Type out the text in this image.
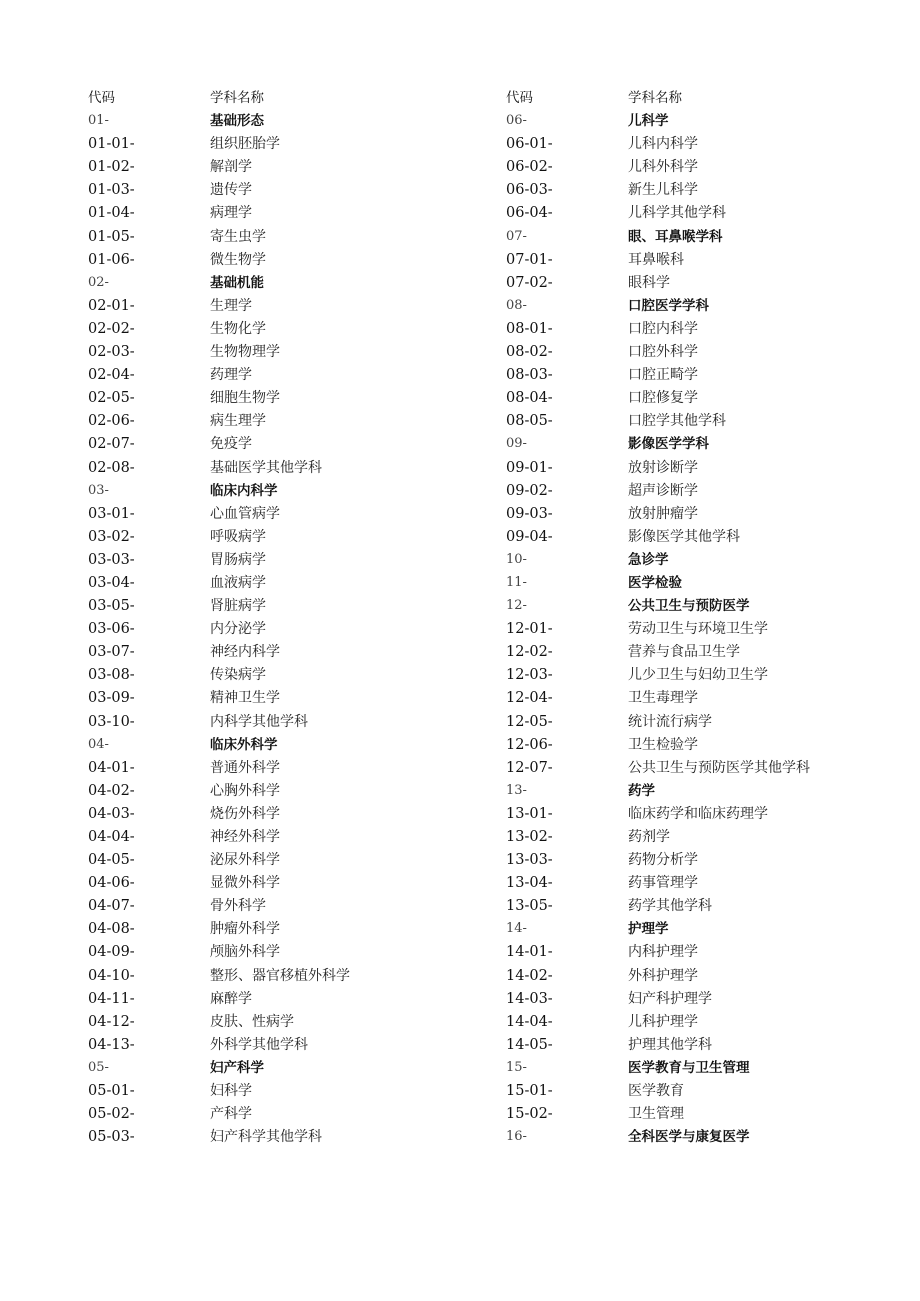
代码	学科名称
01-	基础形态
01-01-	组织胚胎学
01-02-	解剖学
01-03-	遗传学
01-04-	病理学
01-05-	寄生虫学
01-06-	微生物学
02-	基础机能
02-01-	生理学
02-02-	生物化学
02-03-	生物物理学
02-04-	药理学
02-05-	细胞生物学
02-06-	病生理学
02-07-	免疫学
02-08-	基础医学其他学科
03-	临床内科学
03-01-	心血管病学
03-02-	呼吸病学
03-03-	胃肠病学
03-04-	血液病学
03-05-	肾脏病学
03-06-	内分泌学
03-07-	神经内科学
03-08-	传染病学
03-09-	精神卫生学
03-10-	内科学其他学科
04-	临床外科学
04-01-	普通外科学
04-02-	心胸外科学
04-03-	烧伤外科学
04-04-	神经外科学
04-05-	泌尿外科学
04-06-	显微外科学
04-07-	骨外科学
04-08-	肿瘤外科学
04-09-	颅脑外科学
04-10-	整形、器官移植外科学
04-11-	麻醉学
04-12-	皮肤、性病学
04-13-	外科学其他学科
05-	妇产科学
05-01-	妇科学
05-02-	产科学
05-03-	妇产科学其他学科
代码	学科名称
06-	儿科学
06-01-	儿科内科学
06-02-	儿科外科学
06-03-	新生儿科学
06-04-	儿科学其他学科
07-	眼、耳鼻喉学科
07-01-	耳鼻喉科
07-02-	眼科学
08-	口腔医学学科
08-01-	口腔内科学
08-02-	口腔外科学
08-03-	口腔正畸学
08-04-	口腔修复学
08-05-	口腔学其他学科
09-	影像医学学科
09-01-	放射诊断学
09-02-	超声诊断学
09-03-	放射肿瘤学
09-04-	影像医学其他学科
10-	急诊学
11-	医学检验
12-	公共卫生与预防医学
12-01-	劳动卫生与环境卫生学
12-02-	营养与食品卫生学
12-03-	儿少卫生与妇幼卫生学
12-04-	卫生毒理学
12-05-	统计流行病学
12-06-	卫生检验学
12-07-	公共卫生与预防医学其他学科
13-	药学
13-01-	临床药学和临床药理学
13-02-	药剂学
13-03-	药物分析学
13-04-	药事管理学
13-05-	药学其他学科
14-	护理学
14-01-	内科护理学
14-02-	外科护理学
14-03-	妇产科护理学
14-04-	儿科护理学
14-05-	护理其他学科
15-	医学教育与卫生管理
15-01-	医学教育
15-02-	卫生管理
16-	全科医学与康复医学
